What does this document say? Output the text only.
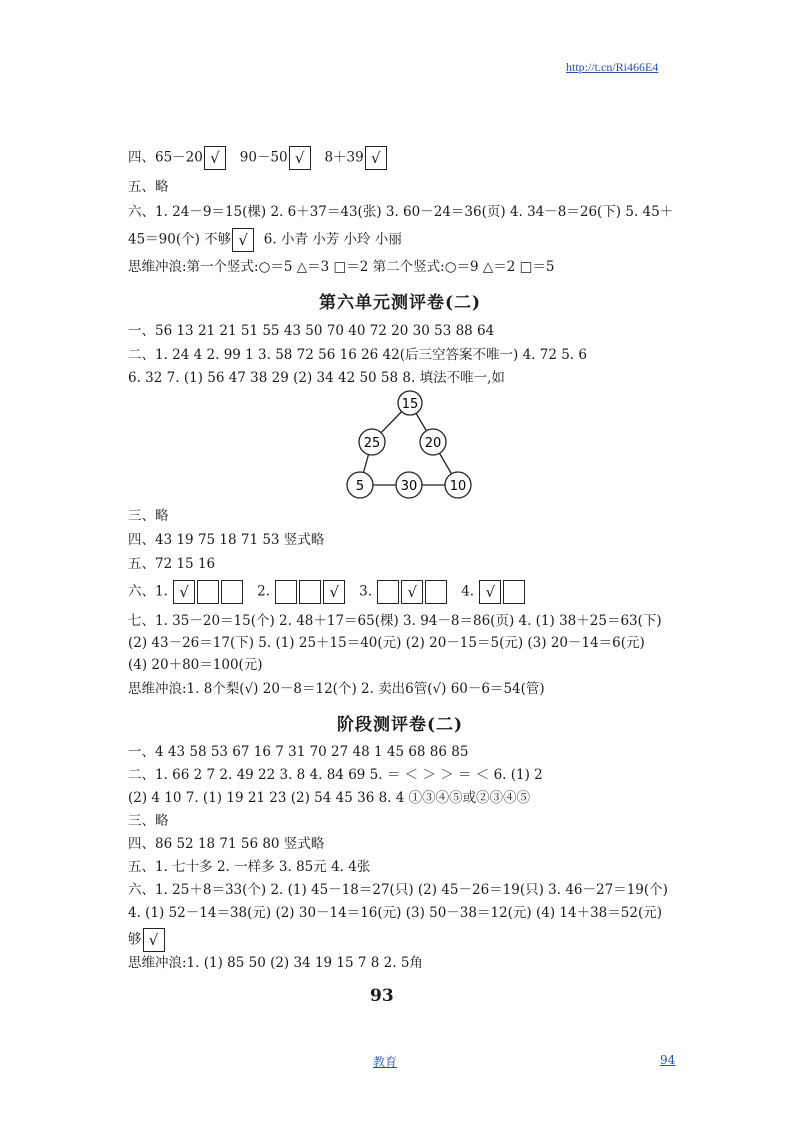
http://t.cn/Ri466E4
四、65－20 √ 90－50 √ 8＋39 √
五、略
六、1. 24－9＝15(棵) 2. 6＋37＝43(张) 3. 60－24＝36(页) 4. 34－8＝26(下) 5. 45＋
45＝90(个) 不够 √ 6. 小青 小芳 小玲 小丽
思维冲浪:第一个竖式:○＝5 △＝3 □＝2 第二个竖式:○＝9 △＝2 □＝5
第六单元测评卷(二)
一、56 13 21 21 51 55 43 50 70 40 72 20 30 53 88 64
二、1. 24 4 2. 99 1 3. 58 72 56 16 26 42(后三空答案不唯一) 4. 72 5. 6
6. 32 7. (1) 56 47 38 29 (2) 34 42 50 58 8. 填法不唯一,如
15
25	20
5	30 10
三、略
四、43 19 75 18 71 53 竖式略
五、72 15 16
六、1. √	2.	√ 3. √	4. √
七、1. 35－20＝15(个) 2. 48＋17＝65(棵) 3. 94－8＝86(页) 4. (1) 38＋25＝63(下)
(2) 43－26＝17(下) 5. (1) 25＋15＝40(元) (2) 20－15＝5(元) (3) 20－14＝6(元)
(4) 20＋80＝100(元)
思维冲浪:1. 8个梨(√) 20－8＝12(个) 2. 卖出6管(√) 60－6＝54(管)
阶段测评卷(二)
一、4 43 58 53 67 16 7 31 70 27 48 1 45 68 86 85
二、1. 66 2 7 2. 49 22 3. 8 4. 84 69 5. ＝ ＜ ＞ ＞ ＝ ＜ 6. (1) 2
(2) 4 10 7. (1) 19 21 23 (2) 54 45 36 8. 4 ①③④⑤或②③④⑤
三、略
四、86 52 18 71 56 80 竖式略
五、1. 七十多 2. 一样多 3. 85元 4. 4张
六、1. 25＋8＝33(个) 2. (1) 45－18＝27(只) (2) 45－26＝19(只) 3. 46－27＝19(个)
4. (1) 52－14＝38(元) (2) 30－14＝16(元) (3) 50－38＝12(元) (4) 14＋38＝52(元)
够 √
思维冲浪:1. (1) 85 50 (2) 34 19 15 7 8 2. 5角
93
教育	94
